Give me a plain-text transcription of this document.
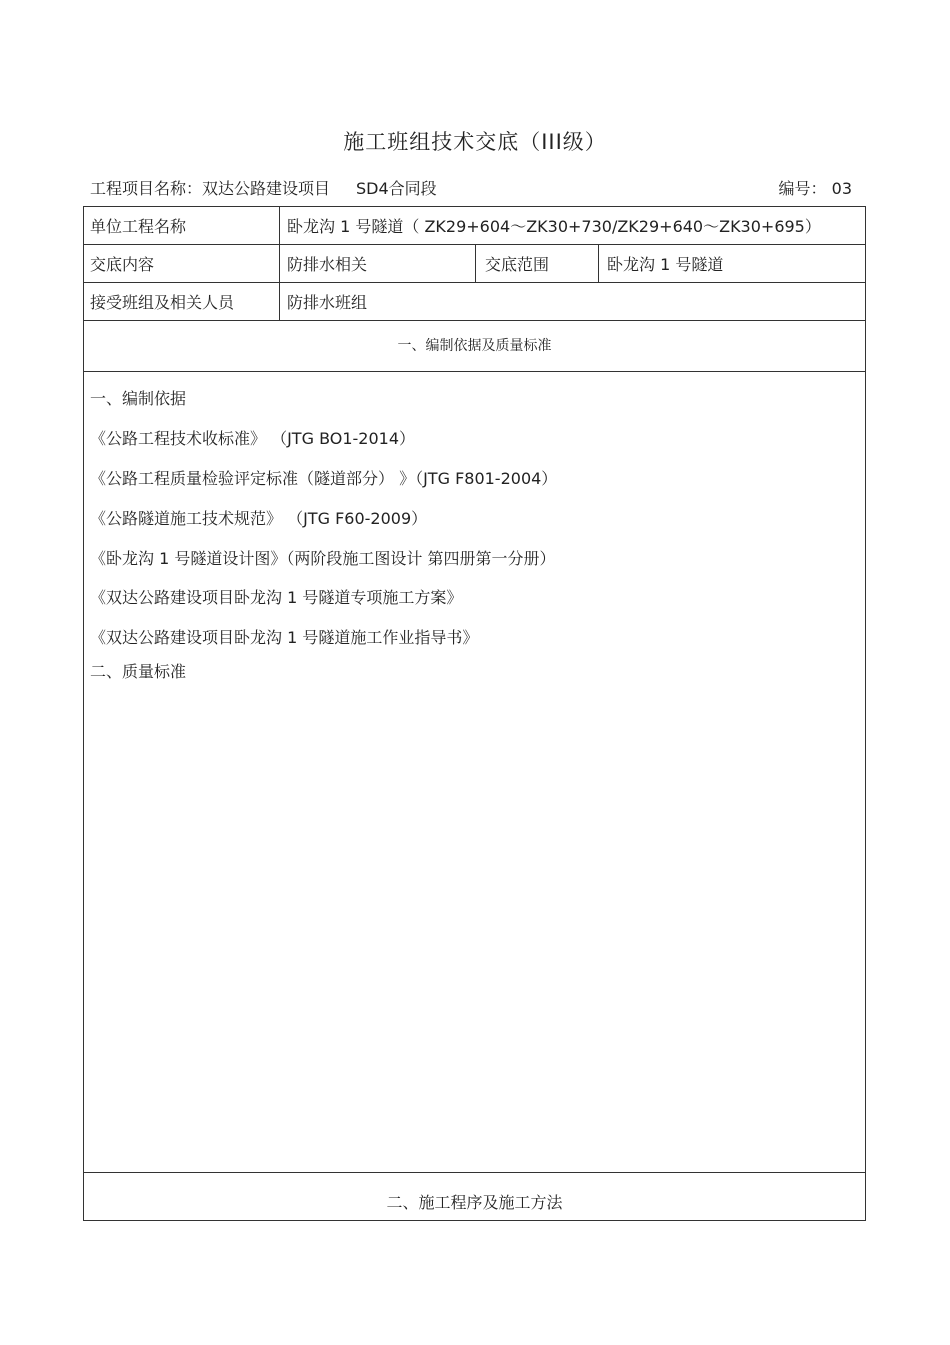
施工班组技术交底（III级）
工程项目名称：双达公路建设项目 SD4合同段	编号： 03
单位工程名称	卧龙沟 1 号隧道（ ZK29+604～ZK30+730/ZK29+640～ZK30+695）
交底内容	防排水相关	交底范围	卧龙沟 1 号隧道
接受班组及相关人员	防排水班组
一、编制依据及质量标准
一、编制依据
《公路工程技术收标准》 （JTG BO1-2014）
《公路工程质量检验评定标准（隧道部分） 》（JTG F801-2004）
《公路隧道施工技术规范》 （JTG F60-2009）
《卧龙沟 1 号隧道设计图》（两阶段施工图设计 第四册第一分册）
《双达公路建设项目卧龙沟 1 号隧道专项施工方案》
《双达公路建设项目卧龙沟 1 号隧道施工作业指导书》
二、质量标准
二、施工程序及施工方法
